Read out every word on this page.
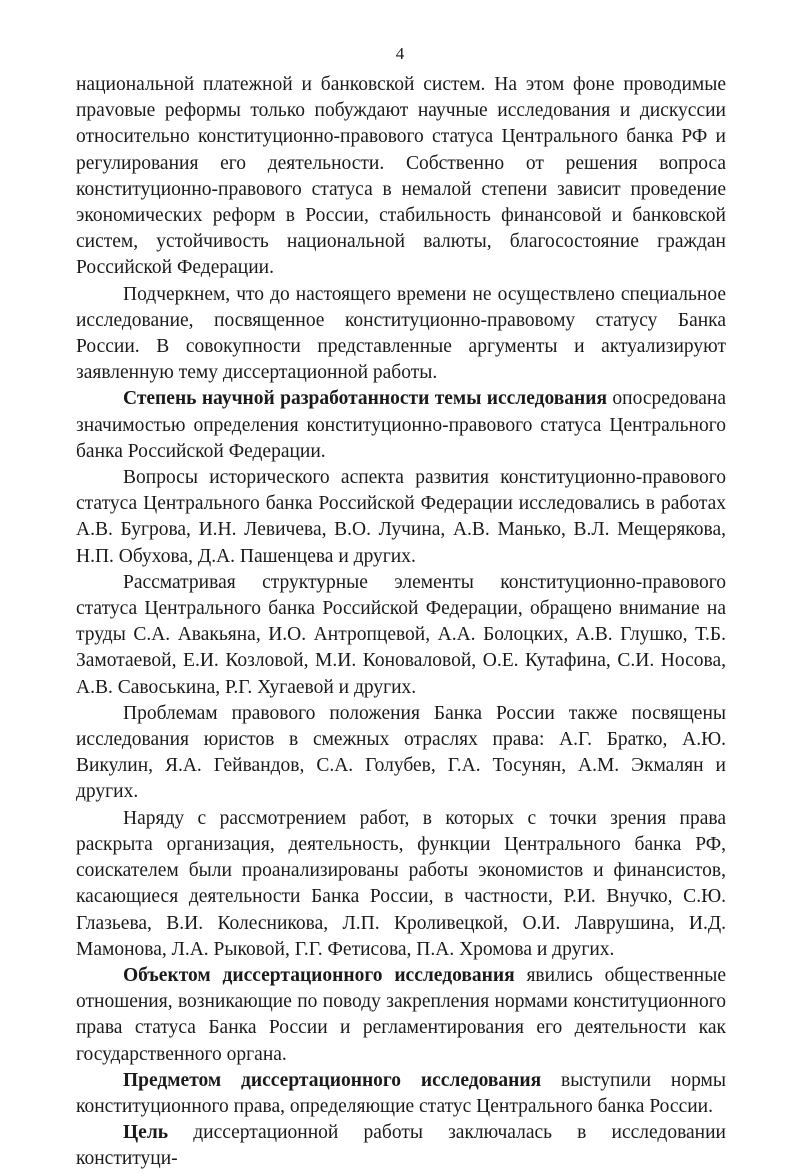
4

национальной платежной и банковской систем. На этом фоне проводимые праvовые реформы только побуждают научные исследования и дискуссии относительно конституционно-правового статуса Центрального банка РФ и регулирования его деятельности. Собственно от решения вопроса конституционно-правового статуса в немалой степени зависит проведение экономических реформ в России, стабильность финансовой и банковской систем, устойчивость национальной валюты, благосостояние граждан Российской Федерации.

Подчеркнем, что до настоящего времени не осуществлено специальное исследование, посвященное конституционно-правовому статусу Банка России. В совокупности представленные аргументы и актуализируют заявленную тему диссертационной работы.

Степень научной разработанности темы исследования опосредована значимостью определения конституционно-правового статуса Центрального банка Российской Федерации.

Вопросы исторического аспекта развития конституционно-правового статуса Центрального банка Российской Федерации исследовались в работах А.В. Бугрова, И.Н. Левичева, В.О. Лучина, А.В. Манько, В.Л. Мещерякова, Н.П. Обухова, Д.А. Пашенцева и других.

Рассматривая структурные элементы конституционно-правового статуса Центрального банка Российской Федерации, обращено внимание на труды С.А. Авакьяна, И.О. Антропцевой, А.А. Болоцких, А.В. Глушко, Т.Б. Замотаевой, Е.И. Козловой, М.И. Коноваловой, О.Е. Кутафина, С.И. Носова, А.В. Савоськина, Р.Г. Хугаевой и других.

Проблемам правового положения Банка России также посвящены исследования юристов в смежных отраслях права: А.Г. Братко, А.Ю. Викулин, Я.А. Гейвандов, С.А. Голубев, Г.А. Тосунян, А.М. Экмалян и других.

Наряду с рассмотрением работ, в которых с точки зрения права раскрыта организация, деятельность, функции Центрального банка РФ, соискателем были проанализированы работы экономистов и финансистов, касающиеся деятельности Банка России, в частности, Р.И. Внучко, С.Ю. Глазьева, В.И. Колесникова, Л.П. Кроливецкой, О.И. Лаврушина, И.Д. Мамонова, Л.А. Рыковой, Г.Г. Фетисова, П.А. Хромова и других.

Объектом диссертационного исследования явились общественные отношения, возникающие по поводу закрепления нормами конституционного права статуса Банка России и регламентирования его деятельности как государственного органа.

Предметом диссертационного исследования выступили нормы конституционного права, определяющие статус Центрального банка России.

Цель диссертационной работы заключалась в исследовании конституци-
